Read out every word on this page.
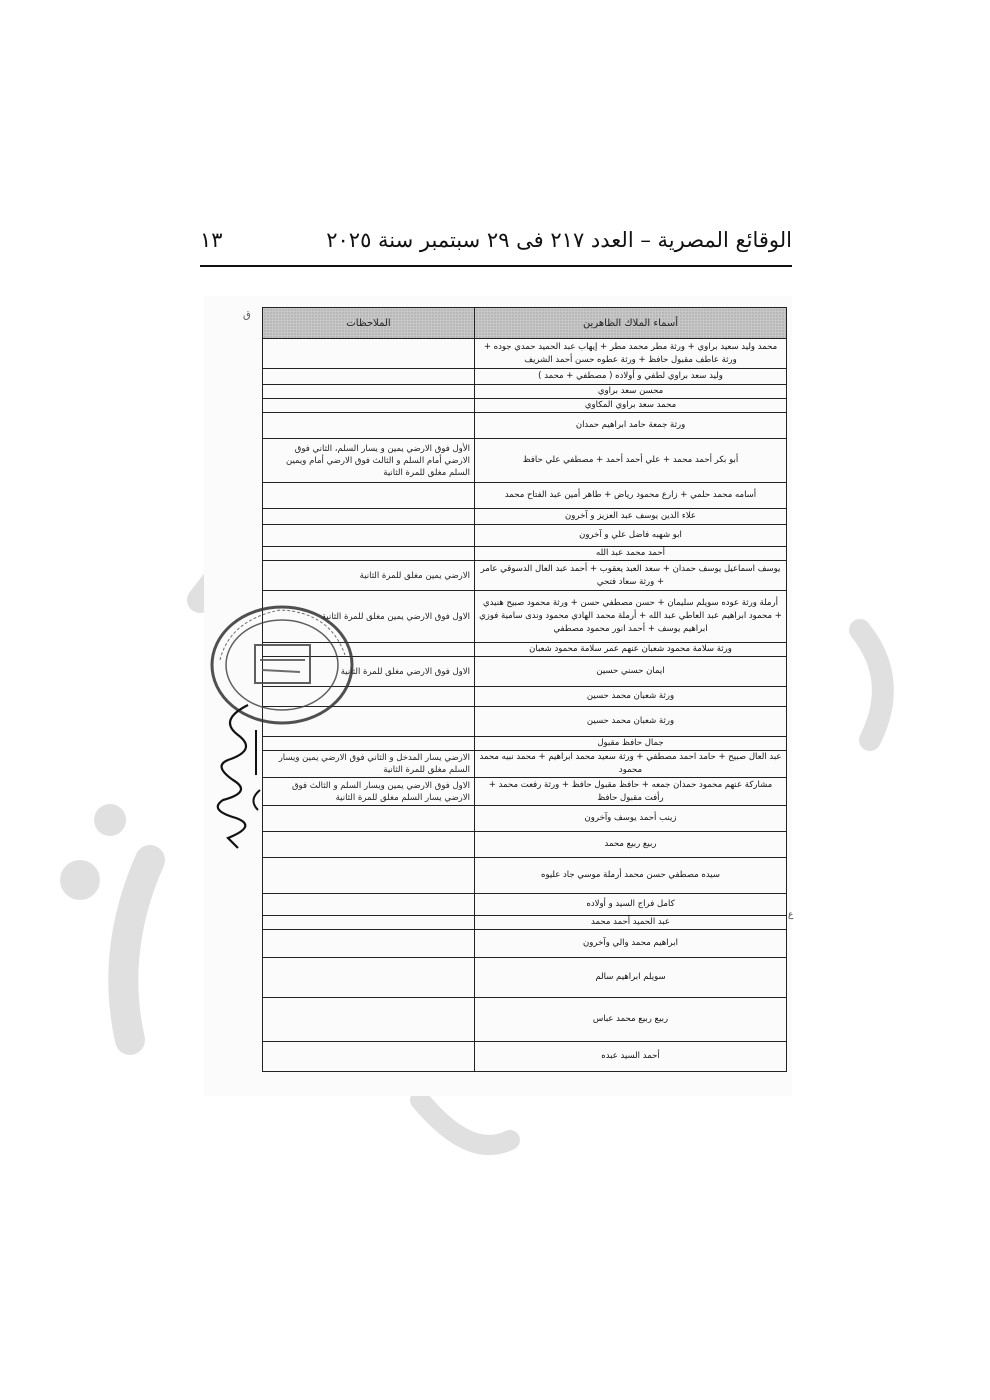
الوقائع المصرية – العدد ٢١٧ فى ٢٩ سبتمبر سنة ٢٠٢٥
١٣
ق
ع
أسماء الملاك الظاهرين	الملاحظات
محمد وليد سعيد براوي + ورثة مطر محمد مطر + إيهاب عبد الحميد حمدي جوده + ورثة عاطف مقبول حافظ + ورثة عطوه حسن أحمد الشريف	
وليد سعد براوي لطفي و أولاده ( مصطفي + محمد )	
محسن سعد براوي	
محمد سعد براوي المكاوي	
ورثة جمعة حامد ابراهيم حمدان	
أبو بكر أحمد محمد + علي أحمد أحمد + مصطفي علي حافظ	الأول فوق الارضي يمين و يسار السلم، الثاني فوق الارضي أمام السلم و الثالث فوق الارضي أمام ويمين السلم مغلق للمرة الثانية
أسامه محمد حلمي + زارع محمود رياض + طاهر أمين عبد الفتاح محمد	
علاء الدين يوسف عبد العزيز و آخرون	
ابو شهبه فاضل علي و آخرون	
أحمد محمد عبد الله	
يوسف اسماعيل يوسف حمدان + سعد العبد يعقوب + أحمد عبد العال الدسوقي عامر + ورثة سعاد فتحي	الارضي يمين مغلق للمرة الثانية
أرملة ورثة عوده سويلم سليمان + حسن مصطفي حسن + ورثة محمود صبيح هنيدي + محمود ابراهيم عبد العاطي عبد الله + أرملة محمد الهادي محمود وندى سامية فوزي ابراهيم يوسف + أحمد انور محمود مصطفي	الاول فوق الارضي يمين مغلق للمرة الثانية
ورثة سلامة محمود شعبان عنهم عمر سلامة محمود شعبان	
ايمان حسني حسين	الاول فوق الارضي مغلق للمرة الثانية
ورثة شعبان محمد حسين	
ورثة شعبان محمد حسين	
جمال حافظ مقبول	
عبد العال صبيح + حامد احمد مصطفي + ورثة سعيد محمد ابراهيم + محمد نبيه محمد محمود	الارضي يسار المدخل و الثاني فوق الارضي يمين ويسار السلم مغلق للمرة الثانية
مشاركة عنهم محمود حمدان جمعه + حافظ مقبول حافظ + ورثة رفعت محمد + رأفت مقبول حافظ	الاول فوق الارضي يمين ويسار السلم و الثالث فوق الارضي يسار السلم مغلق للمرة الثانية
زينب أحمد يوسف وآخرون	
ربيع ربيع محمد	
سيده مصطفي حسن محمد أرملة موسي جاد عليوه	
كامل فراج السيد و أولاده	
عبد الحميد أحمد محمد	
ابراهيم محمد والي وآخرون	
سويلم ابراهيم سالم	
ربيع ربيع محمد عباس	
أحمد السيد عبده	
